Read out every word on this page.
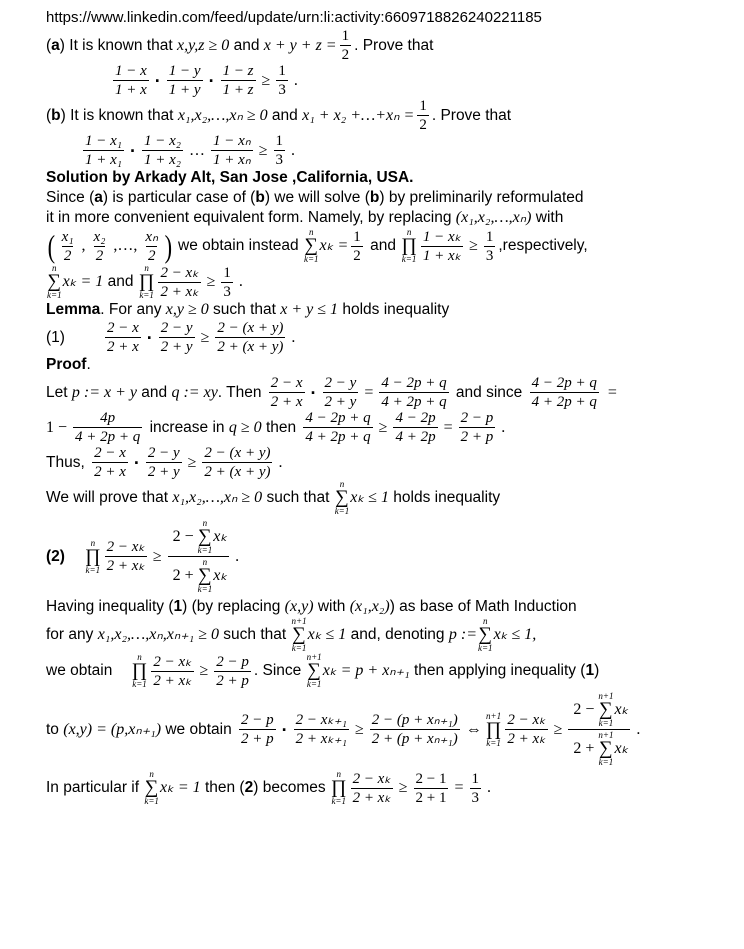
https://www.linkedin.com/feed/update/urn:li:activity:6609718826240221185
( a ) It is known that x,y,z ≥ 0 and $x + y + z = \frac{1}{2}$ . Prove that
$\frac{1 - x}{1 + x} \cdot \frac{1 - y}{1 + y} \cdot \frac{1 - z}{1 + z} \ge \frac{1}{3}$ .
( b ) It is known that x₁,x₂,…,xₙ ≥ 0 and x₁ + x₂ +…+xₙ = $\frac{1}{2}$ . Prove that
$\frac{\text{1 − x₁}}{\text{1 + x₁}} \cdot \frac{\text{1 − x₂}}{\text{1 + x₂}}$ … $\frac{\text{1 − xₙ}}{\text{1 + xₙ}} \ge \frac{1}{3}$ .
Solution by Arkady Alt, San Jose ,California, USA.
Since ( a ) is particular case of ( b ) we will solve ( b ) by preliminarily reformulated
it in more convenient equivalent form. Namely, by replacing (x₁,x₂,…,xₙ) with
( $\frac{\text{x₁}}{2}$ , $\frac{\text{x₂}}{2}$ ,…, $\frac{\text{xₙ}}{2}$ ) we obtain instead
n
∑
k=1
$x_k = \frac{1}{2}$ and
n
∏
$k=1 \frac{\text{1 − xₖ}}{\text{1 + xₖ}} \ge \frac{1}{3}$ ,respectively,
n
∑
k=1
xₖ = 1 and
n
∏
$k=1 \frac{\text{2 − xₖ}}{\text{2 + xₖ}} \ge \frac{1}{3}$ .
Lemma . For any x,y ≥ 0 such that x + y ≤ 1 holds inequality
(1)	$\frac{2 - x}{2 + x} \cdot \frac{2 - y}{2 + y} \ge \frac{2 - (x + y)}{2 + (x + y)}$ .
Proof .
Let p := x + y and q := xy . Then $\frac{2 - x}{2 + x} \cdot \frac{2 - y}{2 + y} = \frac{4 - 2p + q}{4 + 2p + q}$ and since $\frac{4 - 2p + q}{4 + 2p + q}$ =
$1 - \frac{4p}{4 + 2p + q}$ increase in q ≥ 0 then $\frac{4 - 2p + q}{4 + 2p + q} \ge \frac{4 - 2p}{4 + 2p} = \frac{2 - p}{2 + p}$ .
Thus, $\frac{2 - x}{2 + x} \cdot \frac{2 - y}{2 + y} \ge \frac{2 - (x + y)}{2 + (x + y)}$ .
We will prove that x₁,x₂,…,xₙ ≥ 0 such that
n
∑
k=1
xₖ ≤ 1 holds inequality
(2)
n
∏
$k=1 \frac{\text{2 − xₖ}}{\text{2 + xₖ}} \ge 2$ −
n
∑
k=1
xₖ
2 +
n
∑
k=1
xₖ .
Having inequality ( 1 ) (by replacing (x,y) with (x₁,x₂) ) as base of Math Induction
for any x₁,x₂,…,xₙ,xₙ₊₁ ≥ 0 such that
n+1
∑
k=1
xₖ ≤ 1 and, denoting p :=
n
∑
k=1
xₖ ≤ 1,
we obtain
n
∏
$k=1 \frac{\text{2 − xₖ}}{\text{2 + xₖ}} \ge \frac{2 - p}{2 + p}$ . Since
n+1
∑
k=1
xₖ = p + xₙ₊₁ then applying inequality ( 1 )
to (x,y) = (p,xₙ₊₁) we obtain $\frac{2 - p}{2 + p} \cdot \frac{\text{2 − xₖ₊₁}}{\text{2 + xₖ₊₁}} \ge \frac{\text{2 − (p + xₙ₊₁)}}{\text{2 + (p + xₙ₊₁)}}$ ⇔
n+1
∏
$k=1 \frac{\text{2 − xₖ}}{\text{2 + xₖ}} \ge 2$ −
n+1
∑
k=1
xₖ
2 +
n+1
∑
k=1
xₖ .
In particular if
n
∑
k=1
xₖ = 1 then ( 2 ) becomes
n
∏
$k=1 \frac{\text{2 − xₖ}}{\text{2 + xₖ}} \ge \frac{2 - 1}{2 + 1} = \frac{1}{3}$ .
